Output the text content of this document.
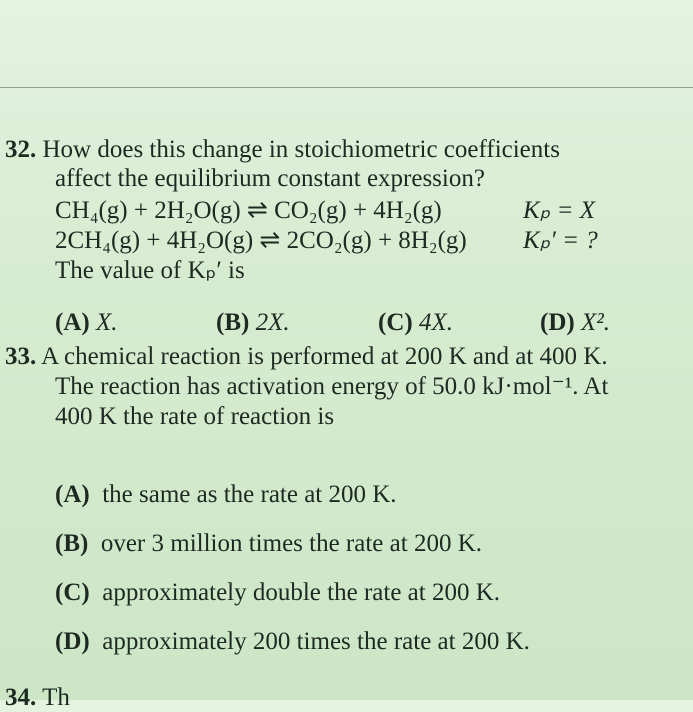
32. How does this change in stoichiometric coefficients
affect the equilibrium constant expression?
CH₄(g) + 2H₂O(g) ⇌ CO₂(g) + 4H₂(g)	Kₚ = X
2CH₄(g) + 4H₂O(g) ⇌ 2CO₂(g) + 8H₂(g) Kₚ′ = ?
The value of Kₚ′ is
(A) X.	(B) 2X.	(C) 4X.	(D) X².
33. A chemical reaction is performed at 200 K and at 400 K.
The reaction has activation energy of 50.0 kJ·mol⁻¹. At
400 K the rate of reaction is
(A) the same as the rate at 200 K.
(B) over 3 million times the rate at 200 K.
(C) approximately double the rate at 200 K.
(D) approximately 200 times the rate at 200 K.
34. Th
